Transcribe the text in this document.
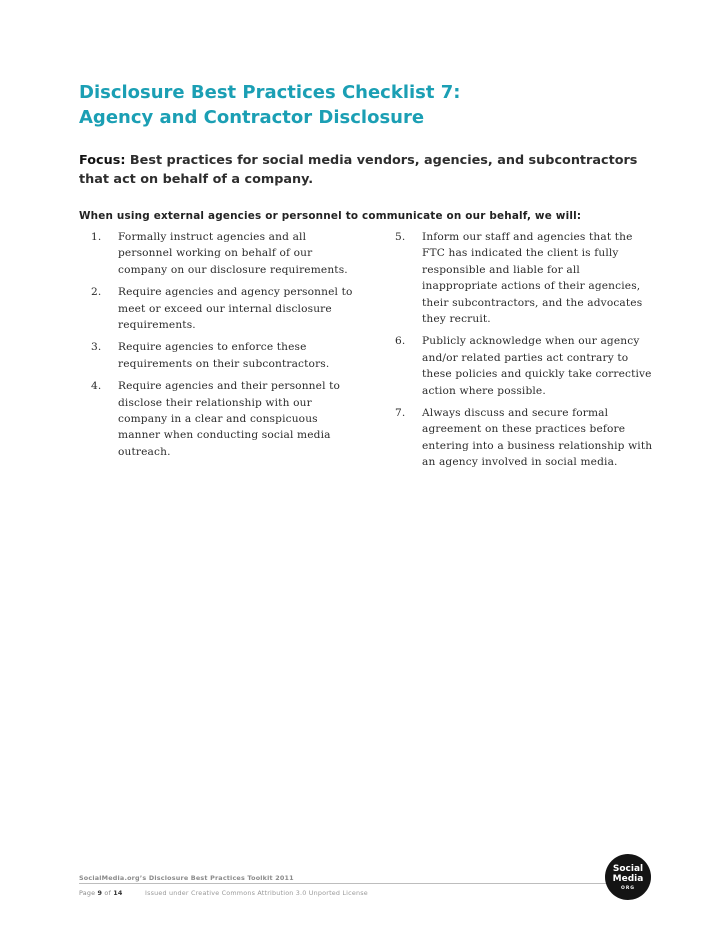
Disclosure Best Practices Checklist 7:
Agency and Contractor Disclosure

Focus: Best practices for social media vendors, agencies, and subcontractors that act on behalf of a company.

When using external agencies or personnel to communicate on our behalf, we will:

1. Formally instruct agencies and all personnel working on behalf of our company on our disclosure requirements.
2. Require agencies and agency personnel to meet or exceed our internal disclosure requirements.
3. Require agencies to enforce these requirements on their subcontractors.
4. Require agencies and their personnel to disclose their relationship with our company in a clear and conspicuous manner when conducting social media outreach.
5. Inform our staff and agencies that the FTC has indicated the client is fully responsible and liable for all inappropriate actions of their agencies, their subcontractors, and the advocates they recruit.
6. Publicly acknowledge when our agency and/or related parties act contrary to these policies and quickly take corrective action where possible.
7. Always discuss and secure formal agreement on these practices before entering into a business relationship with an agency involved in social media.
SocialMedia.org’s Disclosure Best Practices Toolkit 2011
Page 9 of 14	Issued under Creative Commons Attribution 3.0 Unported License
Social
Media
ORG
